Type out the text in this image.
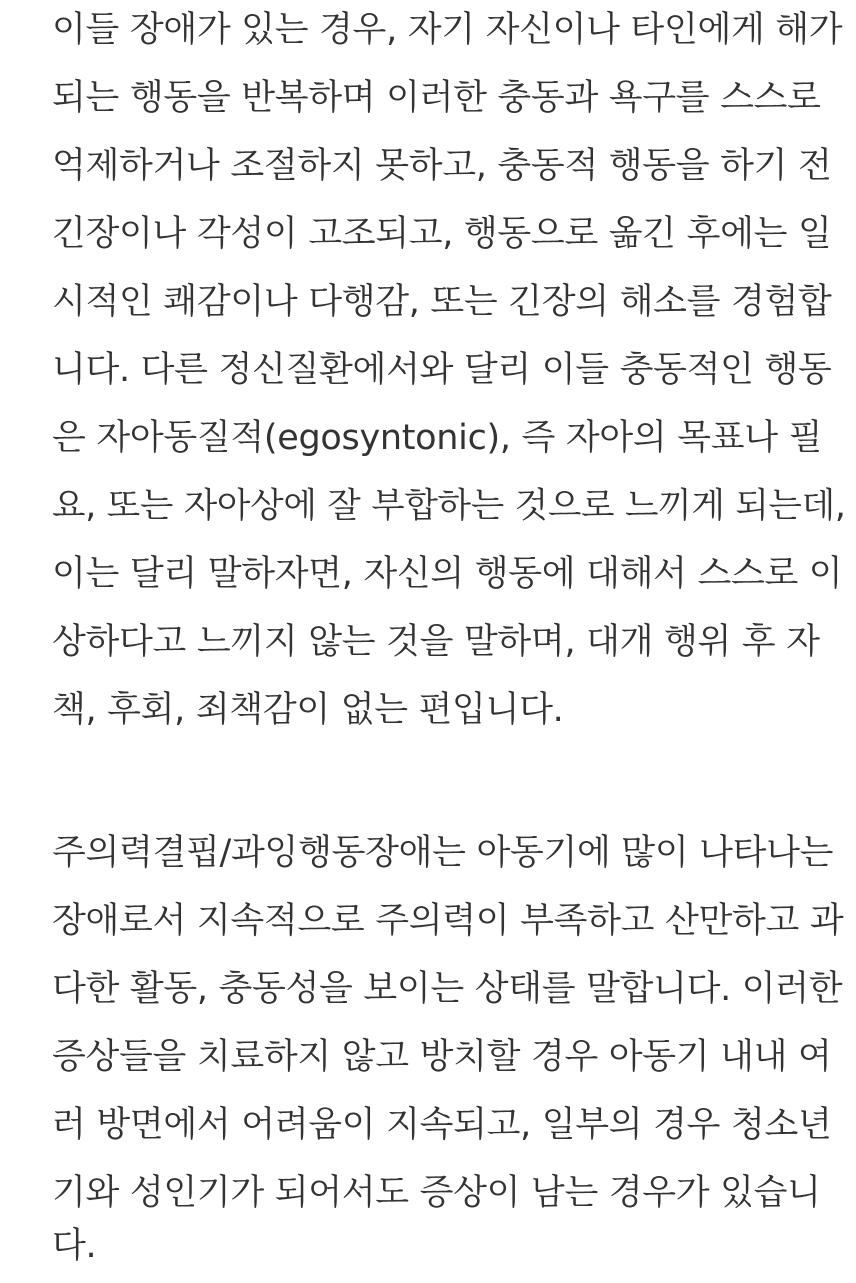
이들 장애가 있는 경우, 자기 자신이나 타인에게 해가
되는 행동을 반복하며 이러한 충동과 욕구를 스스로
억제하거나 조절하지 못하고, 충동적 행동을 하기 전
긴장이나 각성이 고조되고, 행동으로 옮긴 후에는 일
시적인 쾌감이나 다행감, 또는 긴장의 해소를 경험합
니다. 다른 정신질환에서와 달리 이들 충동적인 행동
은 자아동질적(egosyntonic), 즉 자아의 목표나 필
요, 또는 자아상에 잘 부합하는 것으로 느끼게 되는데,
이는 달리 말하자면, 자신의 행동에 대해서 스스로 이
상하다고 느끼지 않는 것을 말하며, 대개 행위 후 자
책, 후회, 죄책감이 없는 편입니다.
주의력결핍/과잉행동장애는 아동기에 많이 나타나는
장애로서 지속적으로 주의력이 부족하고 산만하고 과
다한 활동, 충동성을 보이는 상태를 말합니다. 이러한
증상들을 치료하지 않고 방치할 경우 아동기 내내 여
러 방면에서 어려움이 지속되고, 일부의 경우 청소년
기와 성인기가 되어서도 증상이 남는 경우가 있습니
다.
